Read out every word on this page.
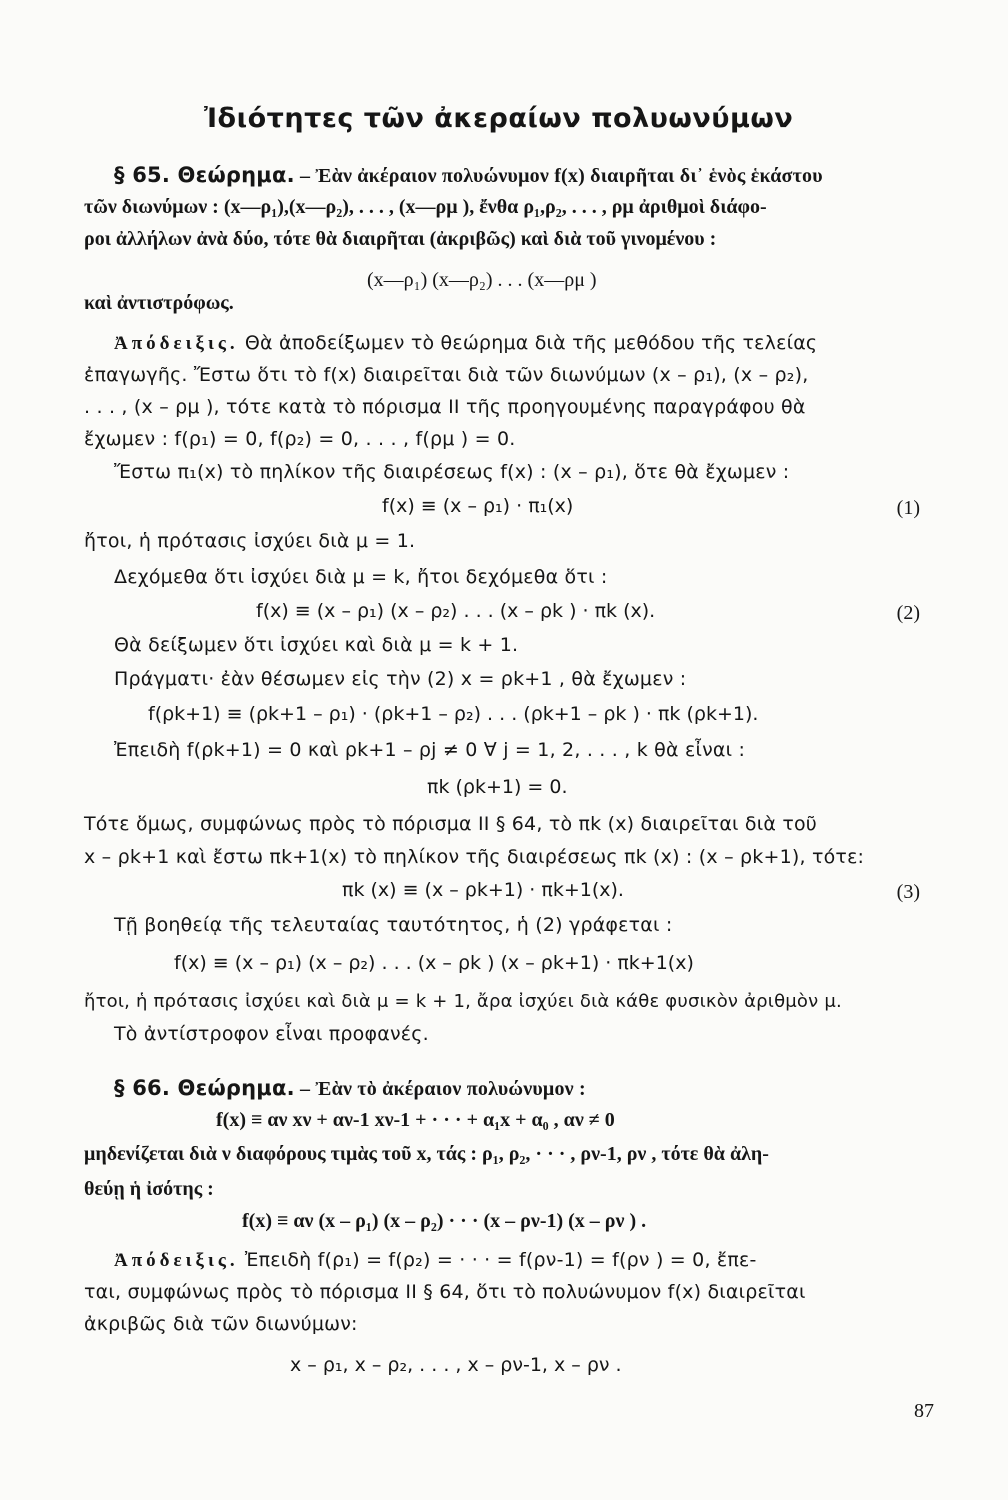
Ἰδιότητες τῶν ἀκεραίων πολυωνύμων
§ 65. Θεώρημα. – Ἐὰν ἀκέραιον πολυώνυμον f(x) διαιρῆται δι᾽ ἑνὸς ἑκάστου
τῶν διωνύμων : (x—ρ₁),(x—ρ₂), . . . , (x—ρμ ), ἔνθα ρ₁,ρ₂, . . . , ρμ ἀριθμοὶ διάφο-
ροι ἀλλήλων ἀνὰ δύο, τότε θὰ διαιρῆται (ἀκριβῶς) καὶ διὰ τοῦ γινομένου :
(x—ρ₁) (x—ρ₂) . . . (x—ρμ )
καὶ ἀντιστρόφως.
Ἀπόδειξις. Θὰ ἀποδείξωμεν τὸ θεώρημα διὰ τῆς μεθόδου τῆς τελείας
ἐπαγωγῆς. Ἔστω ὅτι τὸ f(x) διαιρεῖται διὰ τῶν διωνύμων (x – ρ₁), (x – ρ₂),
. . . , (x – ρμ ), τότε κατὰ τὸ πόρισμα II τῆς προηγουμένης παραγράφου θὰ
ἔχωμεν : f(ρ₁) = 0, f(ρ₂) = 0, . . . , f(ρμ ) = 0.
Ἔστω π₁(x) τὸ πηλίκον τῆς διαιρέσεως f(x) : (x – ρ₁), ὅτε θὰ ἔχωμεν :
f(x) ≡ (x – ρ₁) · π₁(x)	(1)
ἤτοι, ἡ πρότασις ἰσχύει διὰ μ = 1.
Δεχόμεθα ὅτι ἰσχύει διὰ μ = k, ἤτοι δεχόμεθα ὅτι :
f(x) ≡ (x – ρ₁) (x – ρ₂) . . . (x – ρk ) · πk (x).	(2)
Θὰ δείξωμεν ὅτι ἰσχύει καὶ διὰ μ = k + 1.
Πράγματι· ἐὰν θέσωμεν εἰς τὴν (2) x = ρk+1 , θὰ ἔχωμεν :
f(ρk+1) ≡ (ρk+1 – ρ₁) · (ρk+1 – ρ₂) . . . (ρk+1 – ρk ) · πk (ρk+1).
Ἐπειδὴ f(ρk+1) = 0 καὶ ρk+1 – ρj ≠ 0 ∀ j = 1, 2, . . . , k θὰ εἶναι :
πk (ρk+1) = 0.
Τότε ὅμως, συμφώνως πρὸς τὸ πόρισμα II § 64, τὸ πk (x) διαιρεῖται διὰ τοῦ
x – ρk+1 καὶ ἔστω πk+1(x) τὸ πηλίκον τῆς διαιρέσεως πk (x) : (x – ρk+1), τότε:
πk (x) ≡ (x – ρk+1) · πk+1(x).	(3)
Τῇ βοηθείᾳ τῆς τελευταίας ταυτότητος, ἡ (2) γράφεται :
f(x) ≡ (x – ρ₁) (x – ρ₂) . . . (x – ρk ) (x – ρk+1) · πk+1(x)
ἤτοι, ἡ πρότασις ἰσχύει καὶ διὰ μ = k + 1, ἄρα ἰσχύει διὰ κάθε φυσικὸν ἀριθμὸν μ.
Τὸ ἀντίστροφον εἶναι προφανές.
§ 66. Θεώρημα. – Ἐὰν τὸ ἀκέραιον πολυώνυμον :
f(x) ≡ αν xν + αν-1 xν-1 + · · · + α₁x + α₀ , αν ≠ 0
μηδενίζεται διὰ ν διαφόρους τιμὰς τοῦ x, τάς : ρ₁, ρ₂, · · · , ρν-1, ρν , τότε θὰ ἀλη-
θεύῃ ἡ ἰσότης :
f(x) ≡ αν (x – ρ₁) (x – ρ₂) · · · (x – ρν-1) (x – ρν ) .
Ἀπόδειξις. Ἐπειδὴ f(ρ₁) = f(ρ₂) = · · · = f(ρν-1) = f(ρν ) = 0, ἔπε-
ται, συμφώνως πρὸς τὸ πόρισμα II § 64, ὅτι τὸ πολυώνυμον f(x) διαιρεῖται
ἀκριβῶς διὰ τῶν διωνύμων:
x – ρ₁, x – ρ₂, . . . , x – ρν-1, x – ρν .
87
